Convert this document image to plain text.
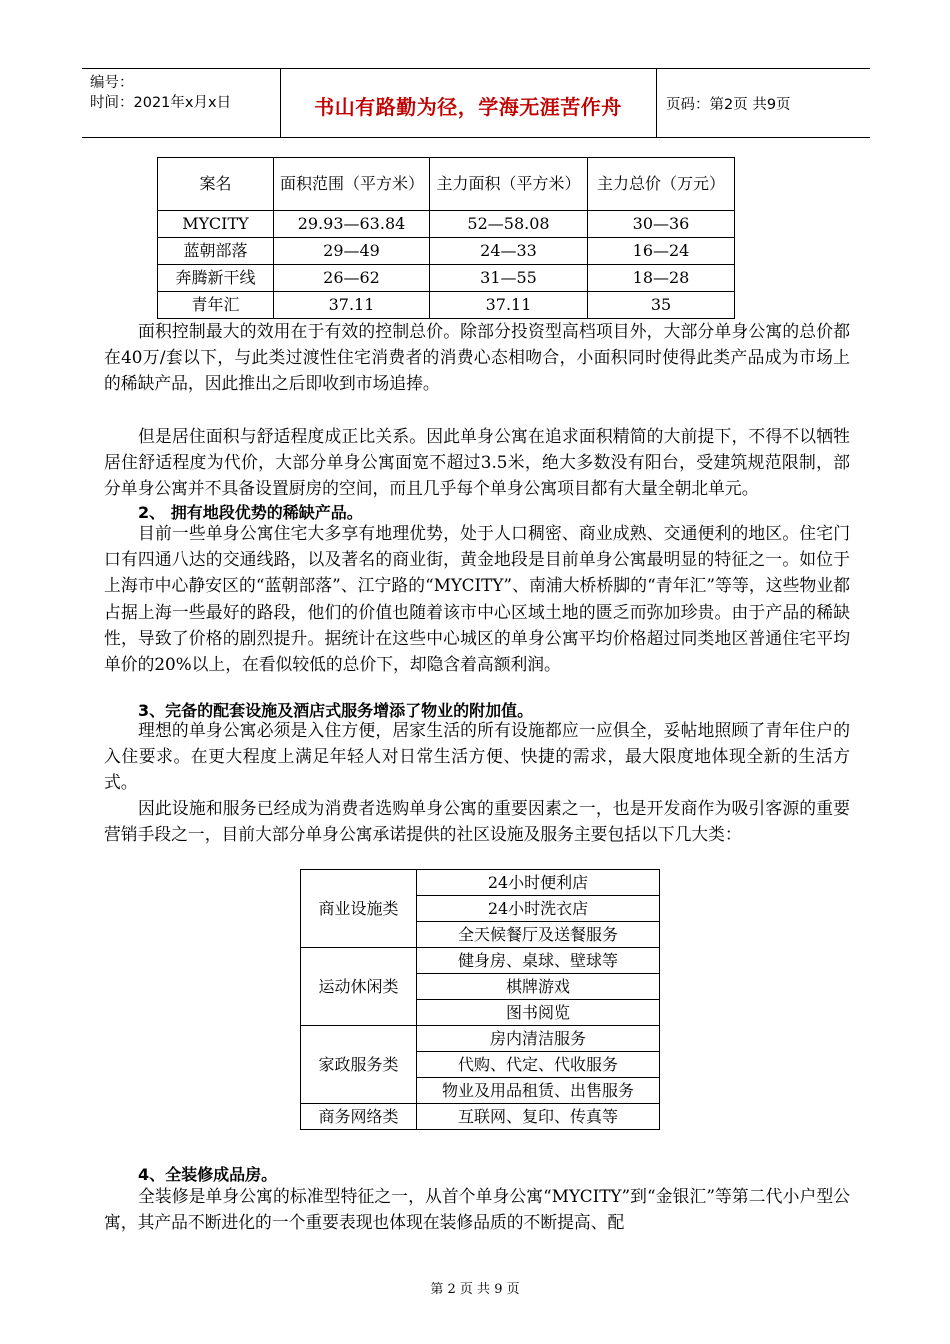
编号：
时间：2021年x月x日	书山有路勤为径，学海无涯苦作舟	页码：第2页 共9页
案名	面积范围（平方米）	主力面积（平方米）	主力总价（万元）
MYCITY	29.93—63.84	52—58.08	30—36
蓝朝部落	29—49	24—33	16—24
奔腾新干线	26—62	31—55	18—28
青年汇	37.11	37.11	35

面积控制最大的效用在于有效的控制总价。除部分投资型高档项目外，大部分单身公寓的总价都在40万/套以下，与此类过渡性住宅消费者的消费心态相吻合，小面积同时使得此类产品成为市场上的稀缺产品，因此推出之后即收到市场追捧。

但是居住面积与舒适程度成正比关系。因此单身公寓在追求面积精简的大前提下，不得不以牺牲居住舒适程度为代价，大部分单身公寓面宽不超过3.5米，绝大多数没有阳台，受建筑规范限制，部分单身公寓并不具备设置厨房的空间，而且几乎每个单身公寓项目都有大量全朝北单元。

2、 拥有地段优势的稀缺产品。

目前一些单身公寓住宅大多享有地理优势，处于人口稠密、商业成熟、交通便利的地区。住宅门口有四通八达的交通线路，以及著名的商业街，黄金地段是目前单身公寓最明显的特征之一。如位于上海市中心静安区的“蓝朝部落”、江宁路的“MYCITY”、南浦大桥桥脚的“青年汇”等等，这些物业都占据上海一些最好的路段，他们的价值也随着该市中心区域土地的匮乏而弥加珍贵。由于产品的稀缺性，导致了价格的剧烈提升。据统计在这些中心城区的单身公寓平均价格超过同类地区普通住宅平均单价的20%以上，在看似较低的总价下，却隐含着高额利润。

3、完备的配套设施及酒店式服务增添了物业的附加值。

理想的单身公寓必须是入住方便，居家生活的所有设施都应一应俱全，妥帖地照顾了青年住户的入住要求。在更大程度上满足年轻人对日常生活方便、快捷的需求，最大限度地体现全新的生活方式。

因此设施和服务已经成为消费者选购单身公寓的重要因素之一，也是开发商作为吸引客源的重要营销手段之一，目前大部分单身公寓承诺提供的社区设施及服务主要包括以下几大类：

商业设施类	24小时便利店
	24小时洗衣店
	全天候餐厅及送餐服务
运动休闲类	健身房、桌球、壁球等
	棋牌游戏
	图书阅览
家政服务类	房内清洁服务
	代购、代定、代收服务
	物业及用品租赁、出售服务
商务网络类	互联网、复印、传真等
4、全装修成品房。

全装修是单身公寓的标准型特征之一，从首个单身公寓“MYCITY”到“金银汇”等第二代小户型公寓，其产品不断进化的一个重要表现也体现在装修品质的不断提高、配

第 2 页 共 9 页
